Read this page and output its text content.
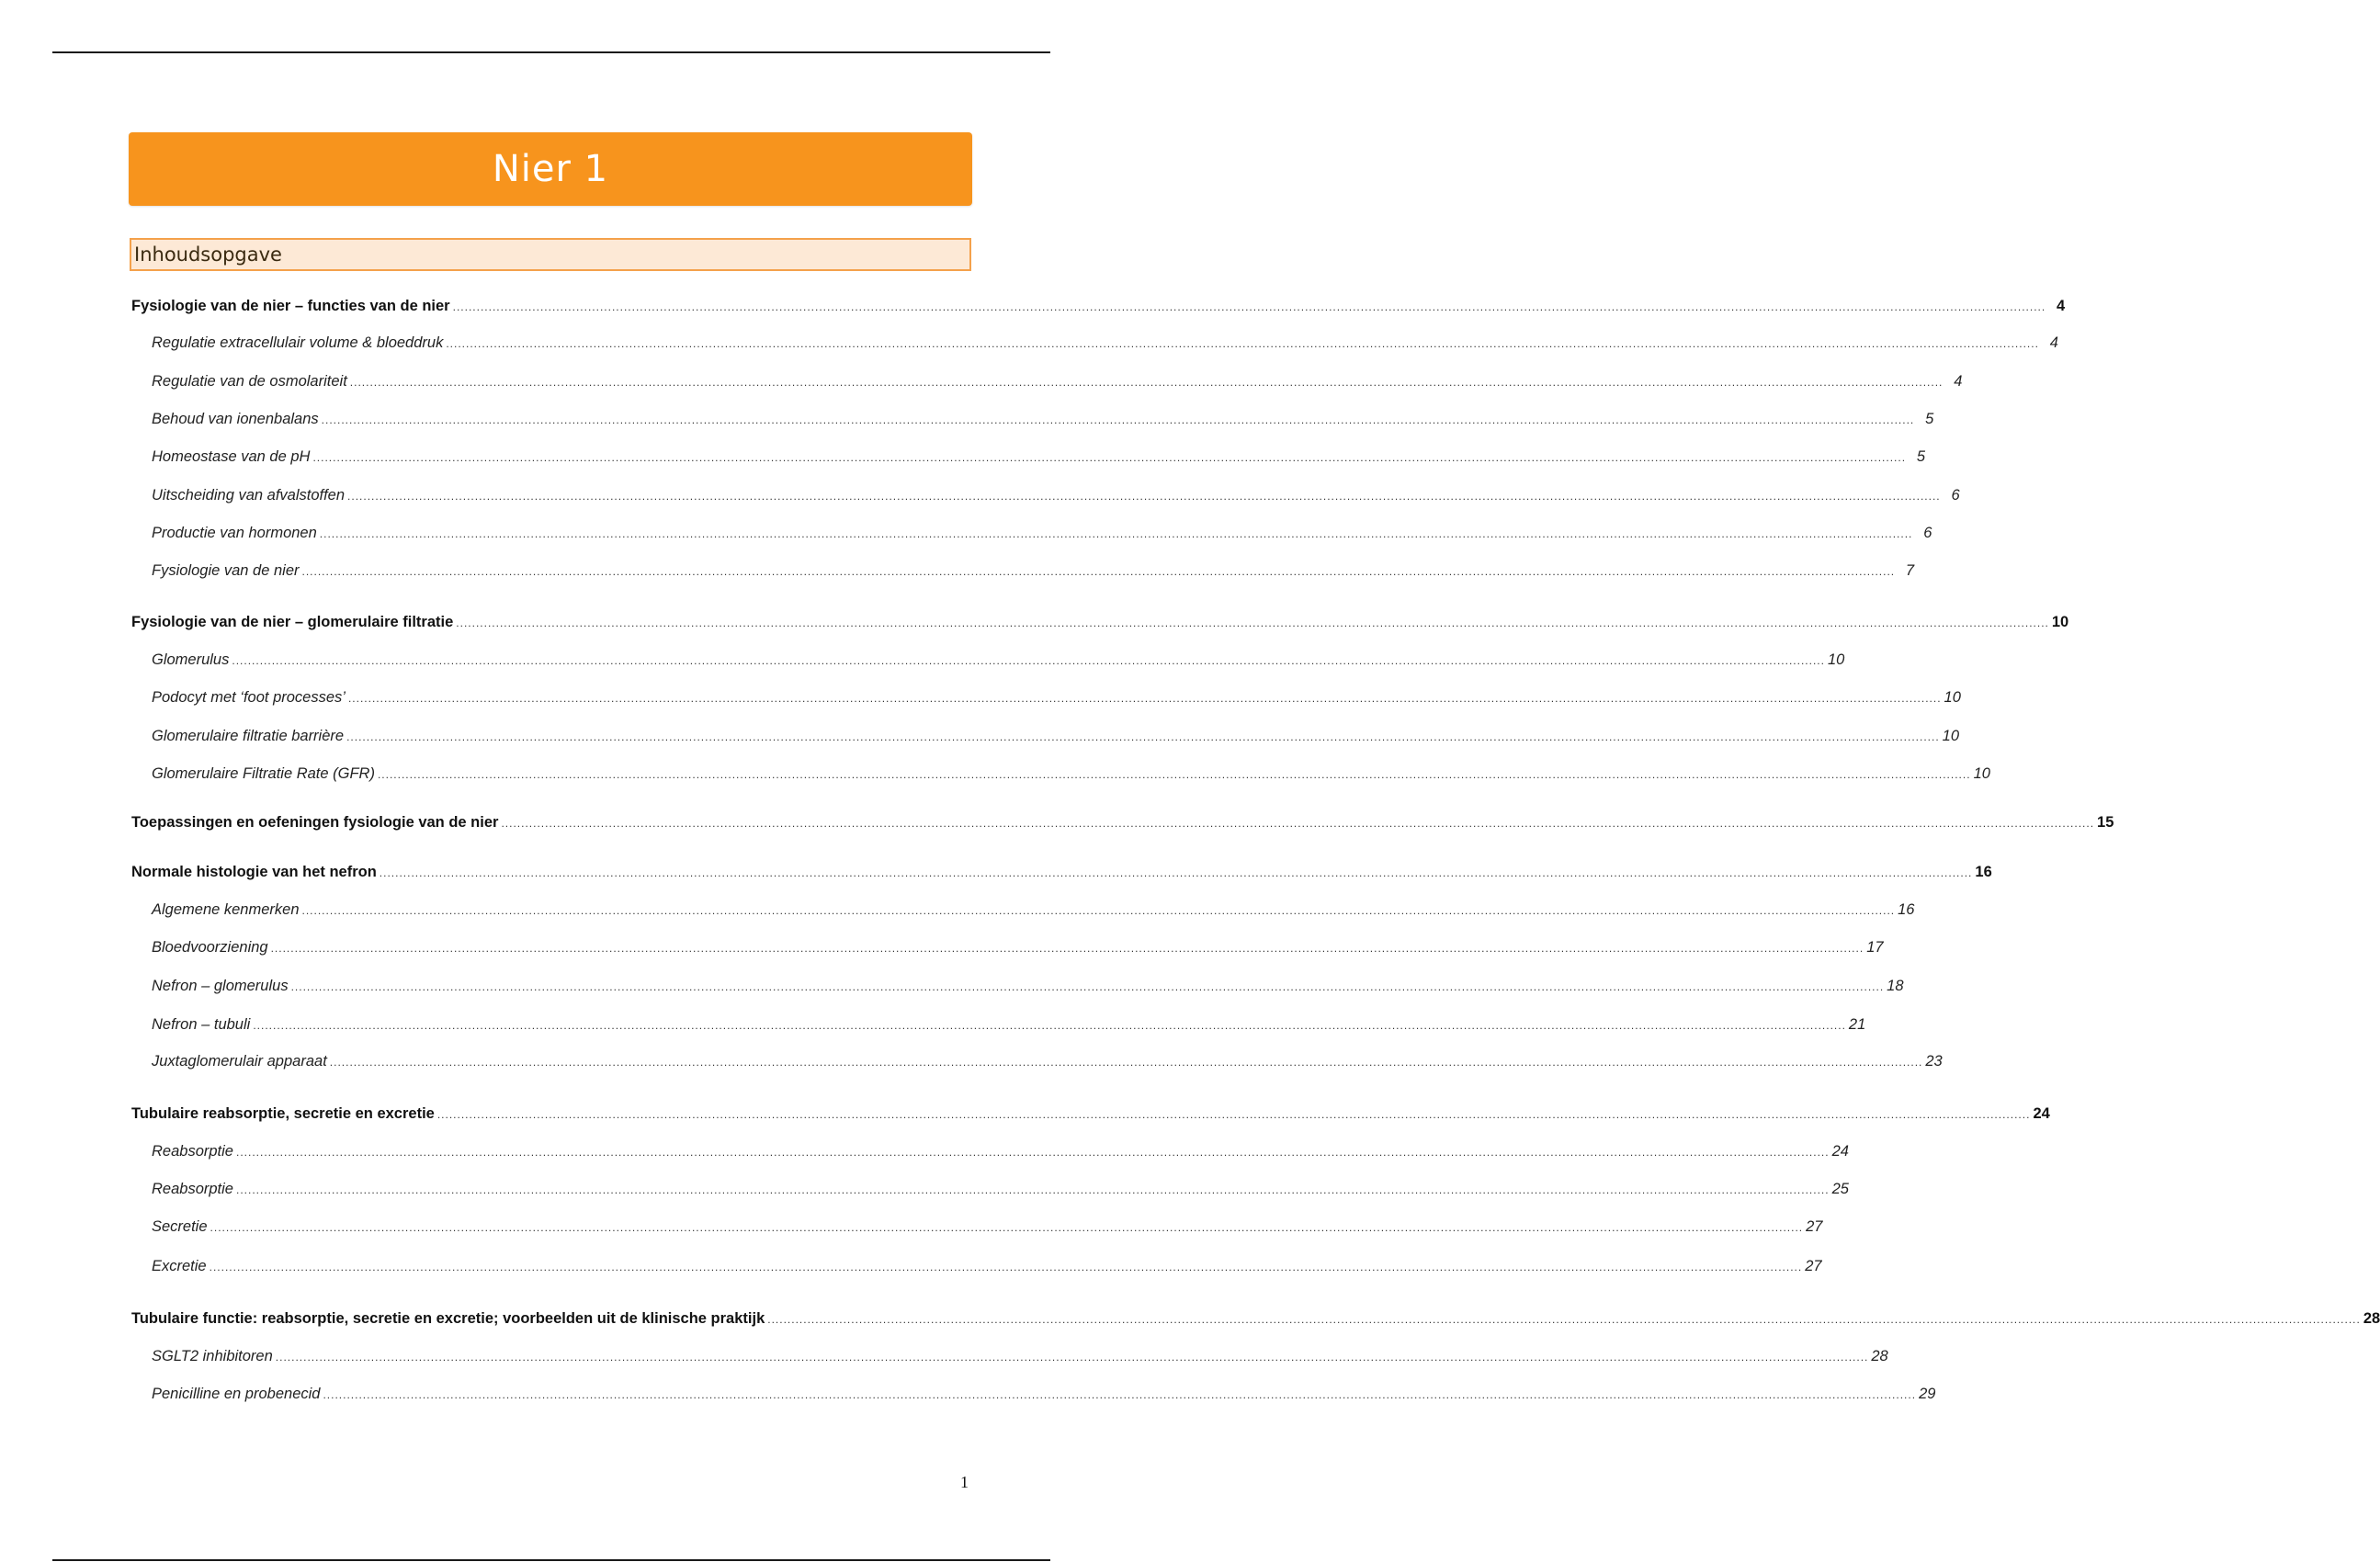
Nier 1
Inhoudsopgave
Fysiologie van de nier – functies van de nier ................................................................................................................................................................................................................................................................................................................................................................................................................ 4
Regulatie extracellulair volume & bloeddruk ................................................................................................................................................................................................................................................................................................................................................................................................................ 4
Regulatie van de osmolariteit ................................................................................................................................................................................................................................................................................................................................................................................................................ 4
Behoud van ionenbalans ................................................................................................................................................................................................................................................................................................................................................................................................................ 5
Homeostase van de pH ................................................................................................................................................................................................................................................................................................................................................................................................................ 5
Uitscheiding van afvalstoffen ................................................................................................................................................................................................................................................................................................................................................................................................................ 6
Productie van hormonen ................................................................................................................................................................................................................................................................................................................................................................................................................ 6
Fysiologie van de nier ................................................................................................................................................................................................................................................................................................................................................................................................................ 7
Fysiologie van de nier – glomerulaire filtratie ................................................................................................................................................................................................................................................................................................................................................................................................................ 10
Glomerulus ................................................................................................................................................................................................................................................................................................................................................................................................................ 10
Podocyt met ‘foot processes’ ................................................................................................................................................................................................................................................................................................................................................................................................................ 10
Glomerulaire filtratie barrière ................................................................................................................................................................................................................................................................................................................................................................................................................ 10
Glomerulaire Filtratie Rate (GFR) ................................................................................................................................................................................................................................................................................................................................................................................................................ 10
Toepassingen en oefeningen fysiologie van de nier ................................................................................................................................................................................................................................................................................................................................................................................................................ 15
Normale histologie van het nefron ................................................................................................................................................................................................................................................................................................................................................................................................................ 16
Algemene kenmerken ................................................................................................................................................................................................................................................................................................................................................................................................................ 16
Bloedvoorziening ................................................................................................................................................................................................................................................................................................................................................................................................................ 17
Nefron – glomerulus ................................................................................................................................................................................................................................................................................................................................................................................................................ 18
Nefron – tubuli ................................................................................................................................................................................................................................................................................................................................................................................................................ 21
Juxtaglomerulair apparaat ................................................................................................................................................................................................................................................................................................................................................................................................................ 23
Tubulaire reabsorptie, secretie en excretie ................................................................................................................................................................................................................................................................................................................................................................................................................ 24
Reabsorptie ................................................................................................................................................................................................................................................................................................................................................................................................................ 24
Reabsorptie ................................................................................................................................................................................................................................................................................................................................................................................................................ 25
Secretie ................................................................................................................................................................................................................................................................................................................................................................................................................ 27
Excretie ................................................................................................................................................................................................................................................................................................................................................................................................................ 27
Tubulaire functie: reabsorptie, secretie en excretie; voorbeelden uit de klinische praktijk ................................................................................................................................................................................................................................................................................................................................................................................................................ 28
SGLT2 inhibitoren ................................................................................................................................................................................................................................................................................................................................................................................................................ 28
Penicilline en probenecid ................................................................................................................................................................................................................................................................................................................................................................................................................ 29
1
